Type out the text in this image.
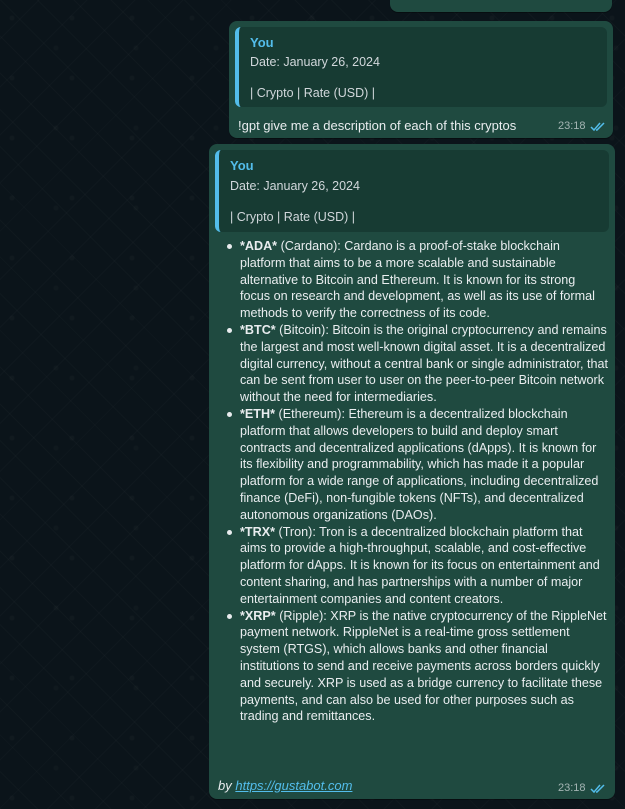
You
Date: January 26, 2024
| Crypto | Rate (USD) |
!gpt give me a description of each of this cryptos	23:18
You
Date: January 26, 2024
| Crypto | Rate (USD) |
*ADA* (Cardano): Cardano is a proof-of-stake blockchain platform that aims to be a more scalable and sustainable alternative to Bitcoin and Ethereum. It is known for its strong focus on research and development, as well as its use of formal methods to verify the correctness of its code.
*BTC* (Bitcoin): Bitcoin is the original cryptocurrency and remains the largest and most well-known digital asset. It is a decentralized digital currency, without a central bank or single administrator, that can be sent from user to user on the peer-to-peer Bitcoin network without the need for intermediaries.
*ETH* (Ethereum): Ethereum is a decentralized blockchain platform that allows developers to build and deploy smart contracts and decentralized applications (dApps). It is known for its flexibility and programmability, which has made it a popular platform for a wide range of applications, including decentralized finance (DeFi), non-fungible tokens (NFTs), and decentralized autonomous organizations (DAOs).
*TRX* (Tron): Tron is a decentralized blockchain platform that aims to provide a high-throughput, scalable, and cost-effective platform for dApps. It is known for its focus on entertainment and content sharing, and has partnerships with a number of major entertainment companies and content creators.
*XRP* (Ripple): XRP is the native cryptocurrency of the RippleNet payment network. RippleNet is a real-time gross settlement system (RTGS), which allows banks and other financial institutions to send and receive payments across borders quickly and securely. XRP is used as a bridge currency to facilitate these payments, and can also be used for other purposes such as trading and remittances.
by https://gustabot.com	23:18
